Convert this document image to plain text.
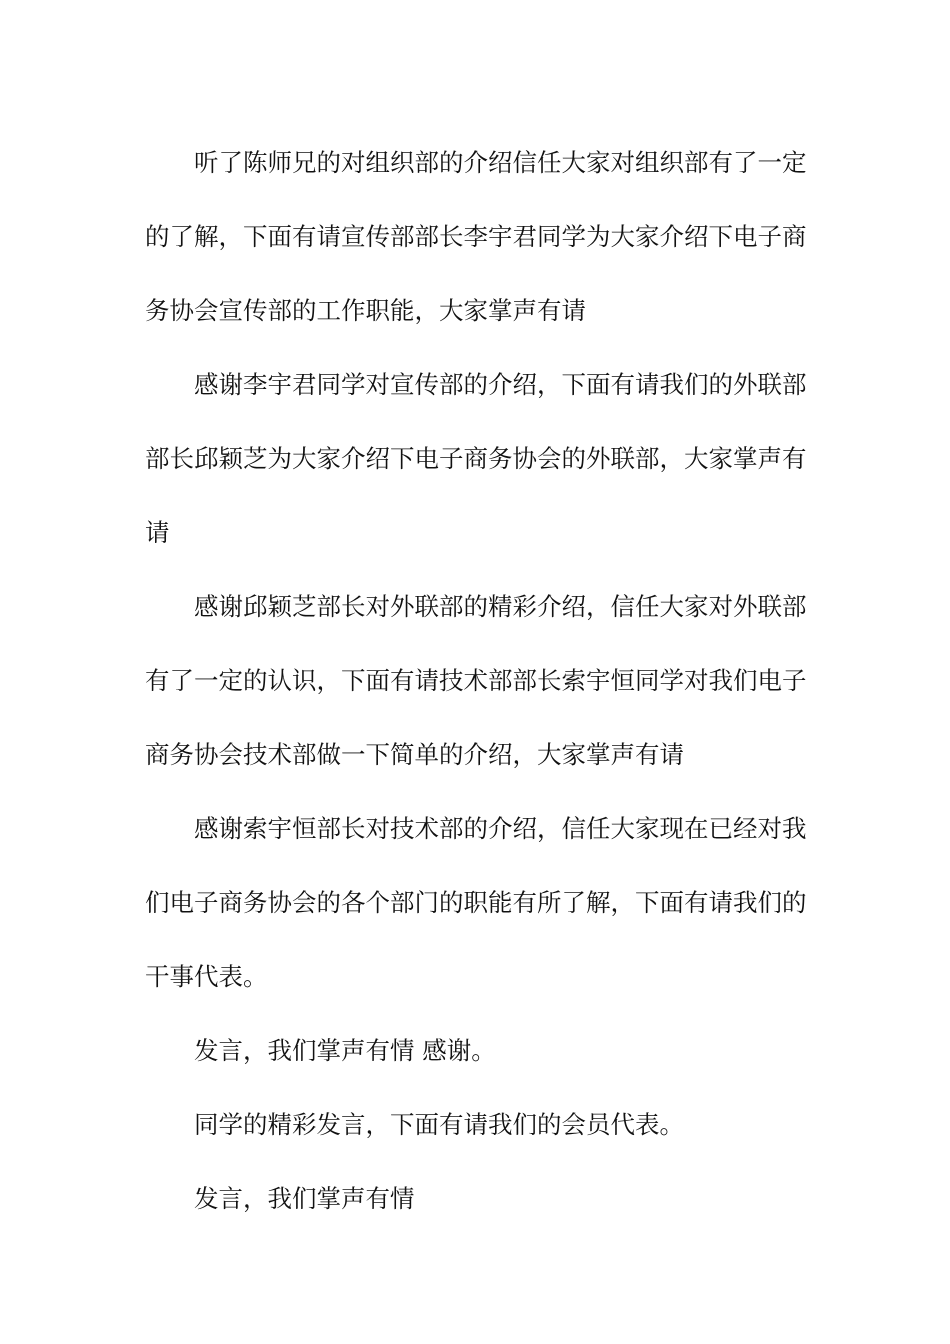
听了陈师兄的对组织部的介绍信任大家对组织部有了一定
的了解，下面有请宣传部部长李宇君同学为大家介绍下电子商
务协会宣传部的工作职能，大家掌声有请
感谢李宇君同学对宣传部的介绍，下面有请我们的外联部
部长邱颖芝为大家介绍下电子商务协会的外联部，大家掌声有
请
感谢邱颖芝部长对外联部的精彩介绍，信任大家对外联部
有了一定的认识，下面有请技术部部长索宇恒同学对我们电子
商务协会技术部做一下简单的介绍，大家掌声有请
感谢索宇恒部长对技术部的介绍，信任大家现在已经对我
们电子商务协会的各个部门的职能有所了解，下面有请我们的
干事代表。
发言，我们掌声有情 感谢。
同学的精彩发言，下面有请我们的会员代表。
发言，我们掌声有情
